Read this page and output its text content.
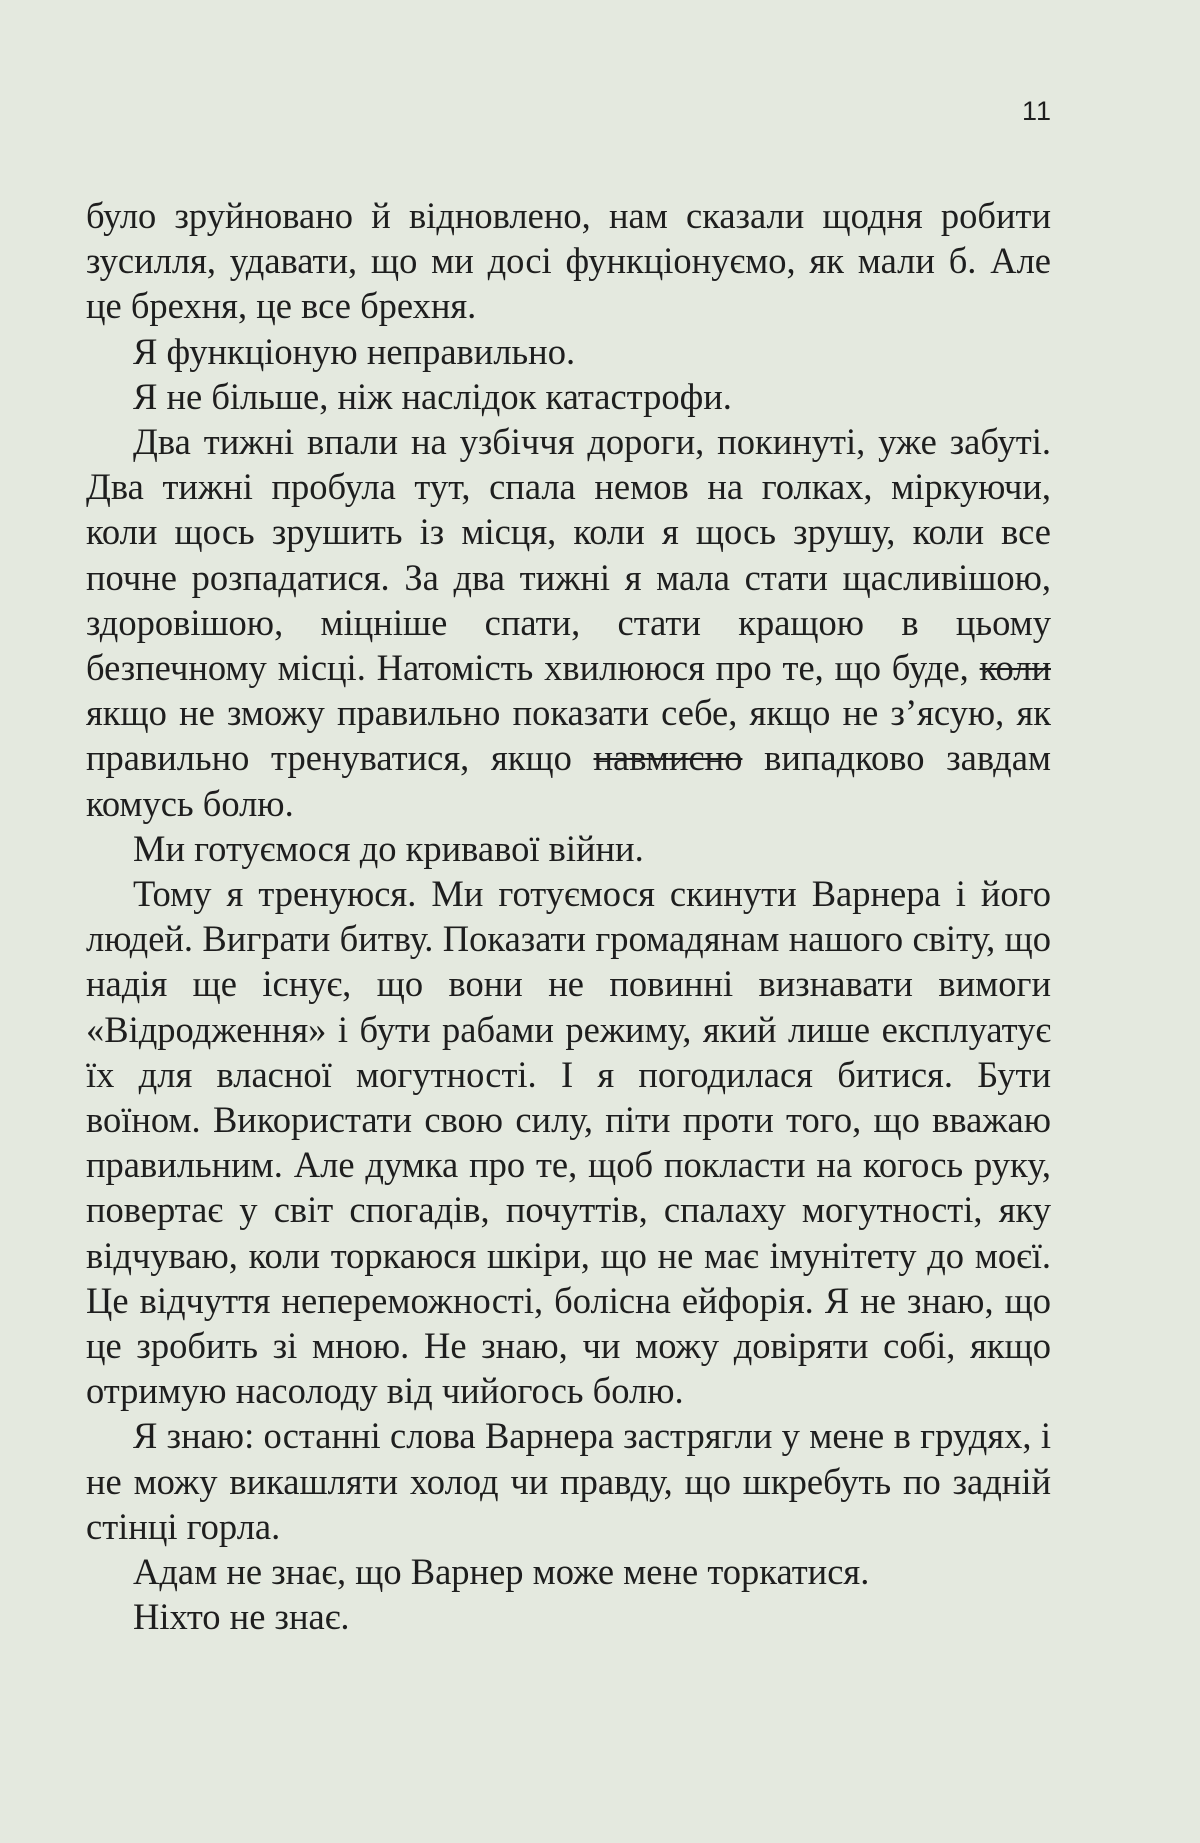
11

було зруйновано й відновлено, нам сказали щодня робити зусилля, удавати, що ми досі функціонуємо, як мали б. Але це брехня, це все брехня.

Я функціоную неправильно.

Я не більше, ніж наслідок катастрофи.

Два тижні впали на узбіччя дороги, покинуті, уже забуті. Два тижні пробула тут, спала немов на голках, міркуючи, коли щось зрушить із місця, коли я щось зрушу, коли все почне розпадатися. За два тижні я мала стати щасливішою, здоровішою, міцніше спати, стати кращою в цьому безпечному місці. Натомість хвилююся про те, що буде, коли якщо не зможу правильно показати себе, якщо не з’ясую, як правильно тренуватися, якщо навмисно випадково завдам комусь болю.

Ми готуємося до кривавої війни.

Тому я тренуюся. Ми готуємося скинути Варнера і його людей. Виграти битву. Показати громадянам нашого світу, що надія ще існує, що вони не повинні визнавати вимоги «Відродження» і бути рабами режиму, який лише експлуатує їх для власної могутності. І я погодилася битися. Бути воїном. Використати свою силу, піти проти того, що вважаю правильним. Але думка про те, щоб покласти на когось руку, повертає у світ спогадів, почуттів, спалаху могутності, яку відчуваю, коли торкаюся шкіри, що не має імунітету до моєї. Це відчуття непереможності, болісна ейфорія. Я не знаю, що це зробить зі мною. Не знаю, чи можу довіряти собі, якщо отримую насолоду від чийогось болю.

Я знаю: останні слова Варнера застрягли у мене в грудях, і не можу викашляти холод чи правду, що шкребуть по задній стінці горла.

Адам не знає, що Варнер може мене торкатися.

Ніхто не знає.
